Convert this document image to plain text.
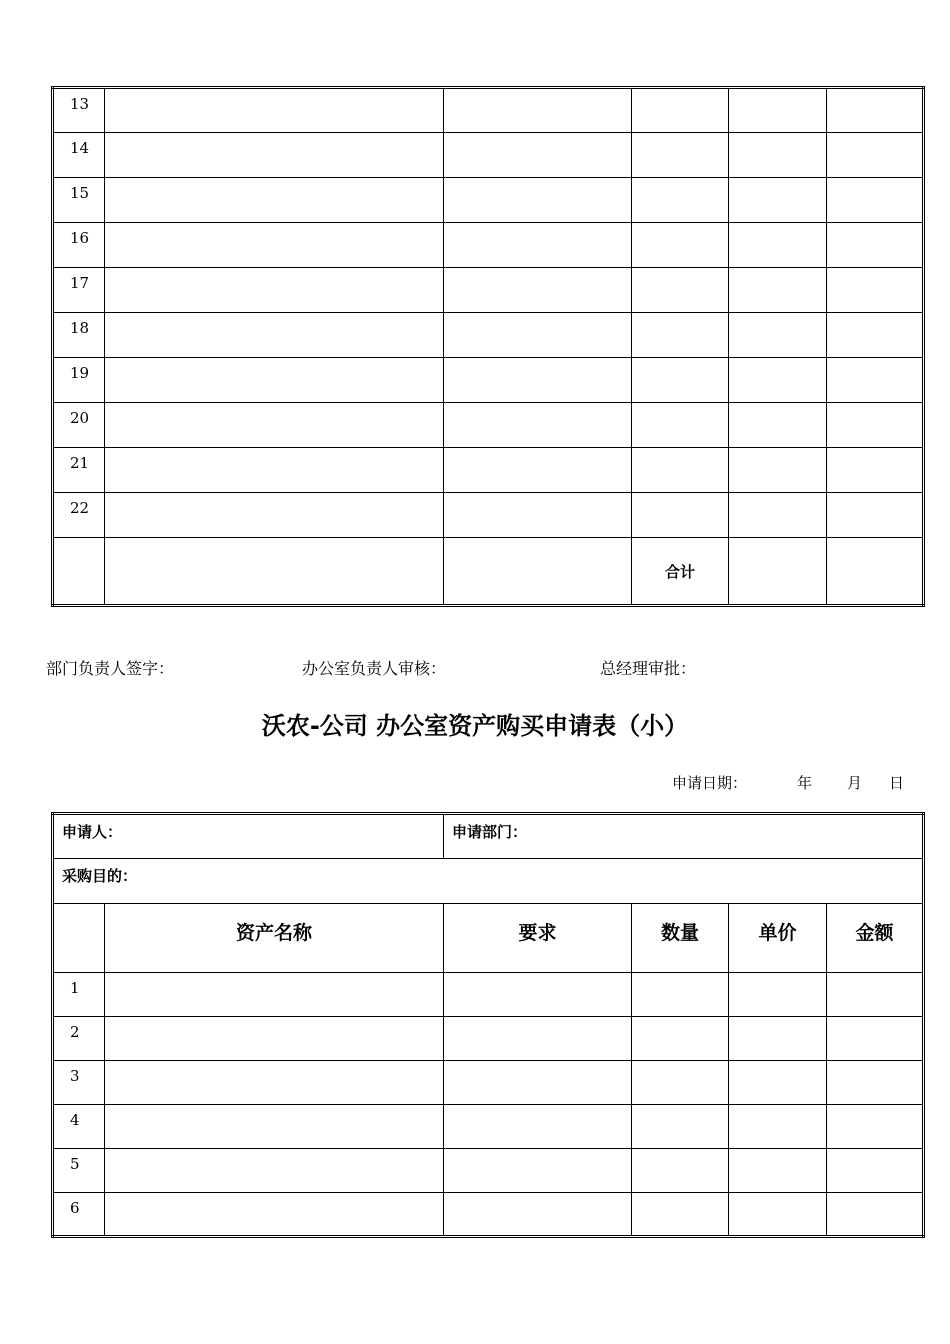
13					
14					
15					
16					
17					
18					
19					
20					
21					
22					
			合计		
部门负责人签字：	办公室负责人审核：	总经理审批：
沃农-公司 办公室资产购买申请表（小）
申请日期：	年 月 日
申请人：		申请部门：			
采购目的：					
	资产名称	要求	数量	单价	金额
1					
2					
3					
4					
5					
6					
